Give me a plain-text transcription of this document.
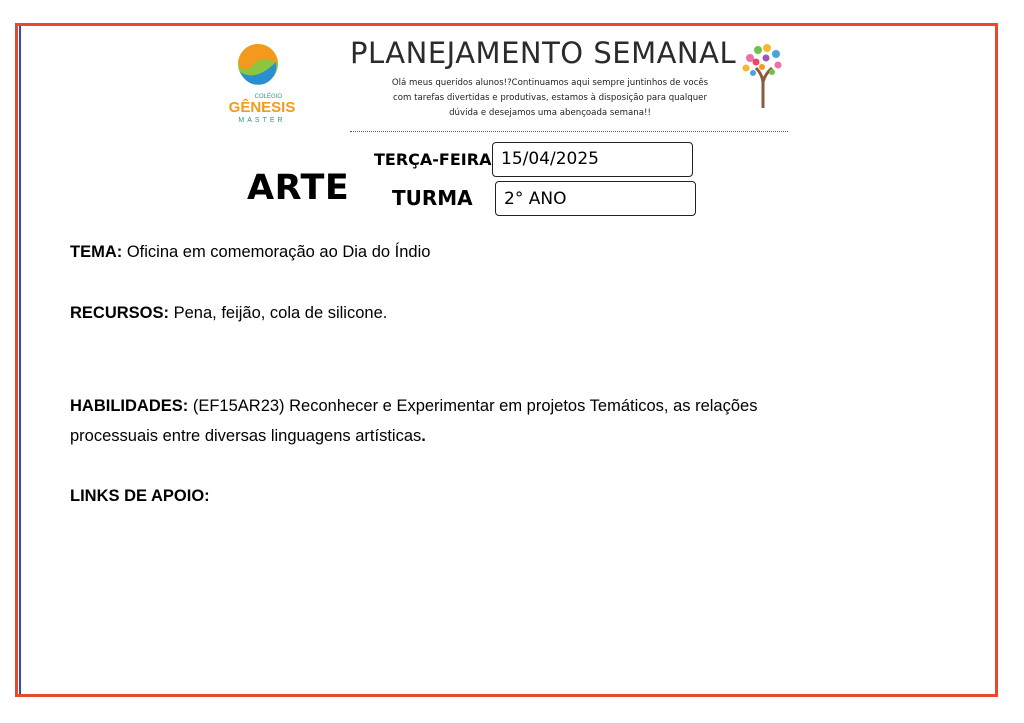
COLÉGIO
GÊNESIS
MASTER
PLANEJAMENTO SEMANAL
Olá meus queridos alunos!?Continuamos aqui sempre juntinhos de vocês
com tarefas divertidas e produtivas, estamos à disposição para qualquer
dúvida e desejamos uma abençoada semana!!
ARTE
TERÇA-FEIRA 15/04/2025
TURMA	2° ANO
TEMA: Oficina em comemoração ao Dia do Índio
RECURSOS: Pena, feijão, cola de silicone.
HABILIDADES: (EF15AR23) Reconhecer e Experimentar em projetos Temáticos, as relações
processuais entre diversas linguagens artísticas.
LINKS DE APOIO:
